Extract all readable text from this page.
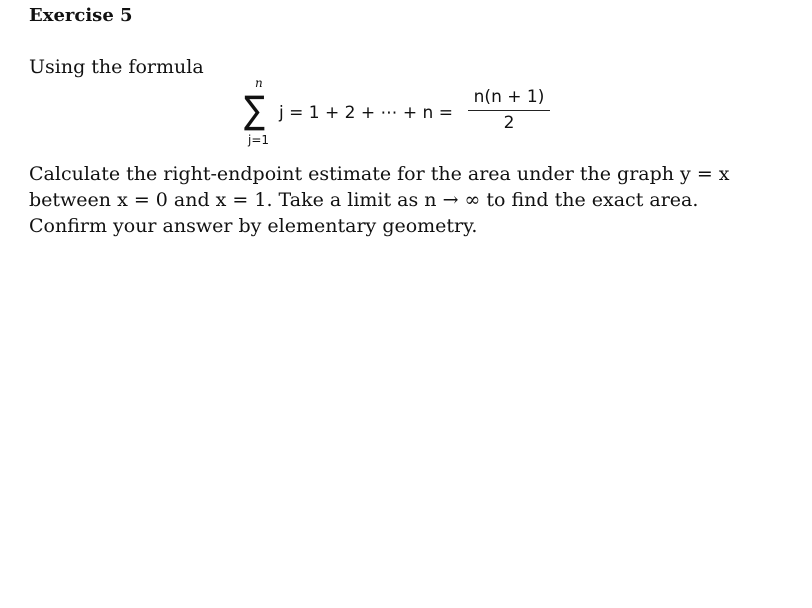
Exercise 5
Using the formula
n
∑
j=1
j = 1 + 2 + ⋯ + n =
n(n + 1)
2
Calculate the right-endpoint estimate for the area under the graph y = x
between x = 0 and x = 1. Take a limit as n → ∞ to find the exact area.
Confirm your answer by elementary geometry.
